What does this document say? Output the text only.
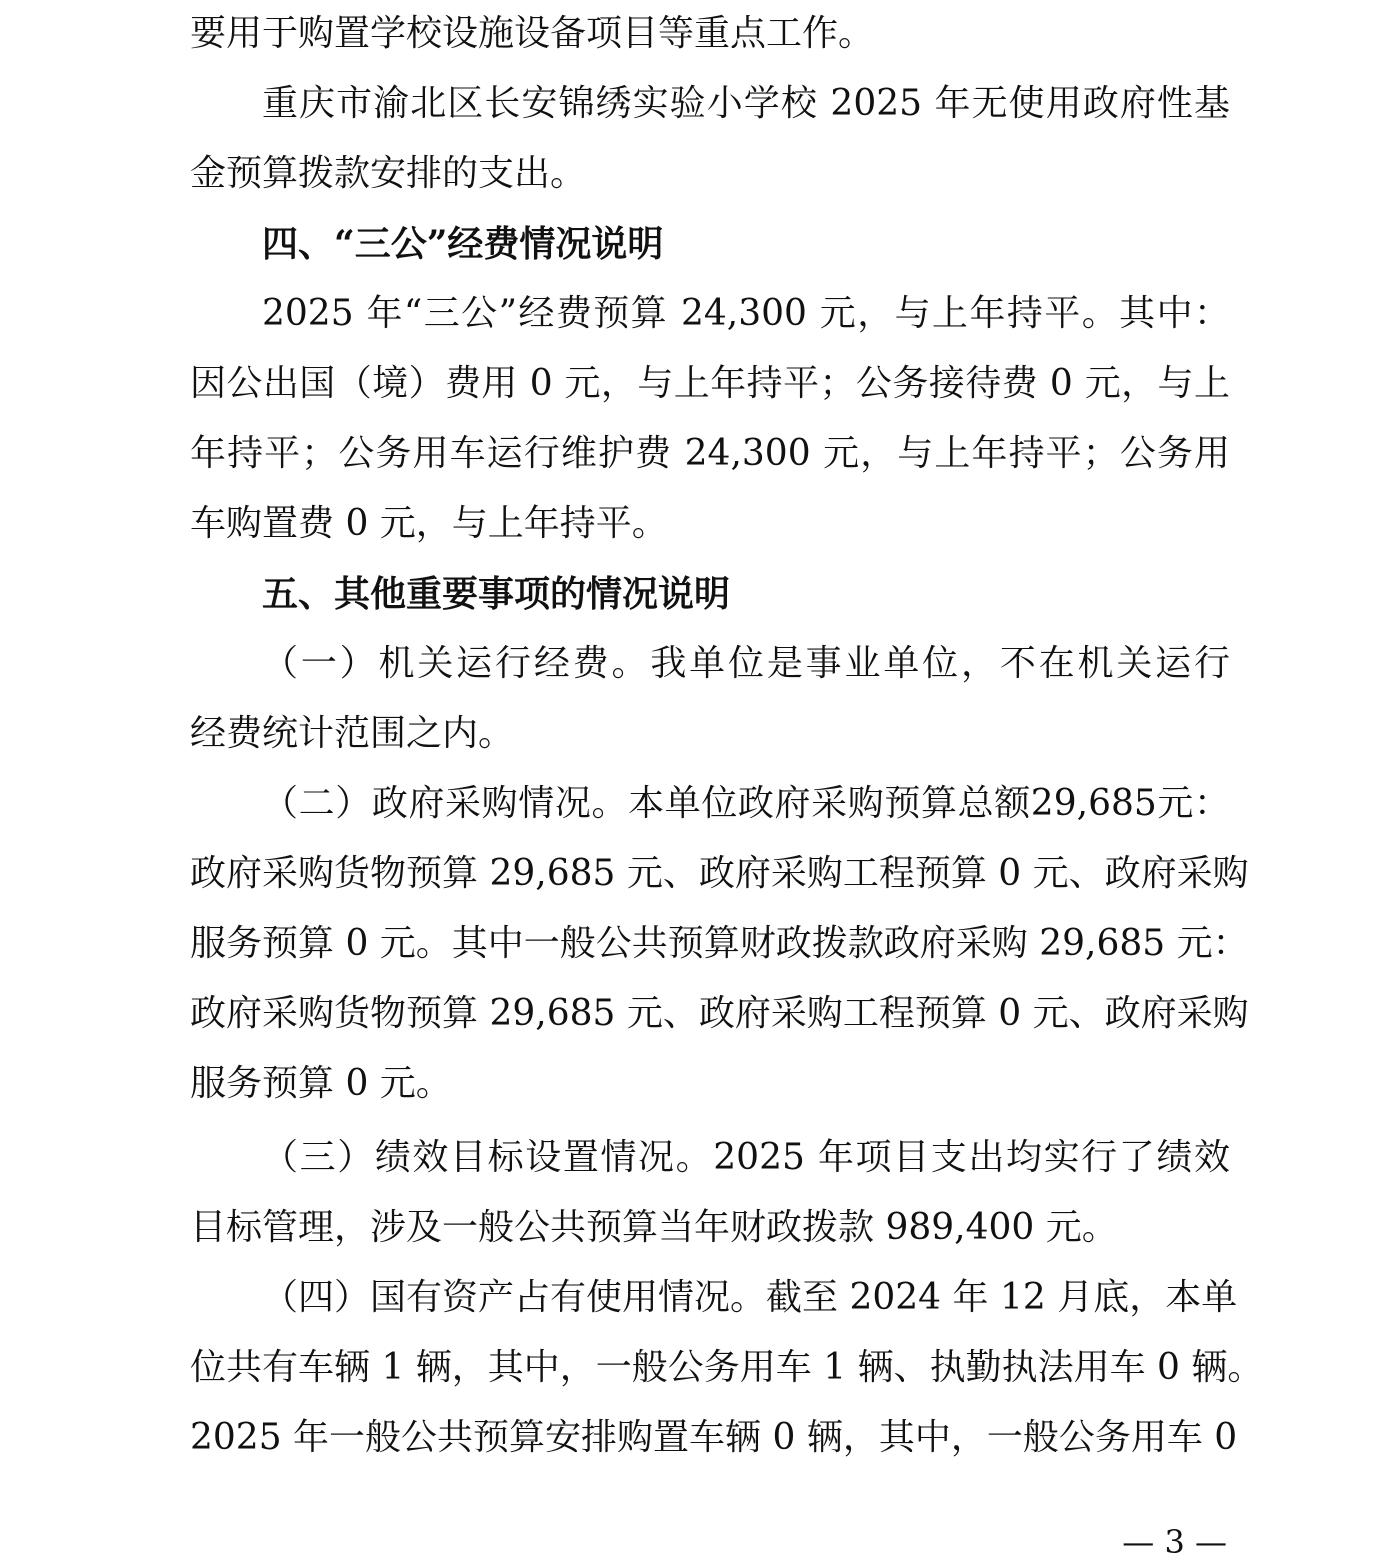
要用于购置学校设施设备项目等重点工作。
重庆市渝北区长安锦绣实验小学校 2025 年无使用政府性基
金预算拨款安排的支出。
四、“三公”经费情况说明
2025 年“三公”经费预算 24,300 元，与上年持平。其中：
因公出国（境）费用 0 元，与上年持平；公务接待费 0 元，与上
年持平；公务用车运行维护费 24,300 元，与上年持平；公务用
车购置费 0 元，与上年持平。
五、其他重要事项的情况说明
（一）机关运行经费。我单位是事业单位，不在机关运行
经费统计范围之内。
（二）政府采购情况。本单位政府采购预算总额29,685元：
政府采购货物预算 29,685 元、政府采购工程预算 0 元、政府采购
服务预算 0 元。其中一般公共预算财政拨款政府采购 29,685 元：
政府采购货物预算 29,685 元、政府采购工程预算 0 元、政府采购
服务预算 0 元。
（三）绩效目标设置情况。2025 年项目支出均实行了绩效
目标管理，涉及一般公共预算当年财政拨款 989,400 元。
（四）国有资产占有使用情况。截至 2024 年 12 月底，本单
位共有车辆 1 辆，其中，一般公务用车 1 辆、执勤执法用车 0 辆。
2025 年一般公共预算安排购置车辆 0 辆，其中，一般公务用车 0
— 3 —
